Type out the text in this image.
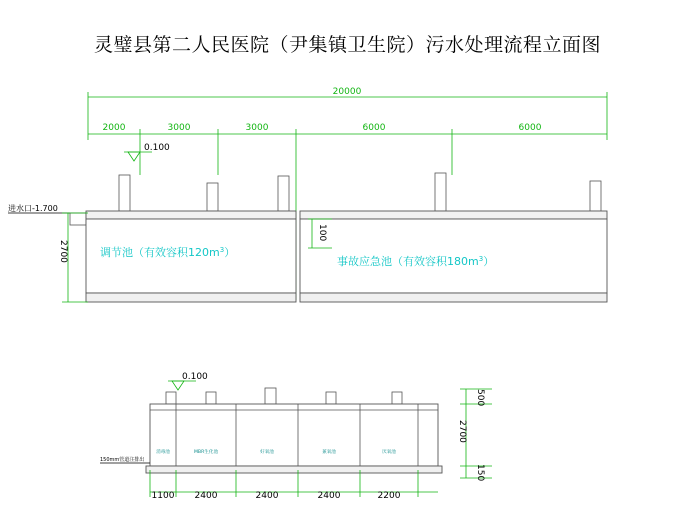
灵璧县第二人民医院（尹集镇卫生院）污水处理流程立面图
20000
2000	3000	3000	6000	6000
0.100
进水口-1.700
调节池（有效容积$120m^3$）
事故应急池（有效容积$180m^3$）
100
2700
0.100
消毒池	MBR生化池	好氧池	兼氧池	厌氧池
150mm管道注排出
1100 2400	2400	2400	2200
500
2700
150
